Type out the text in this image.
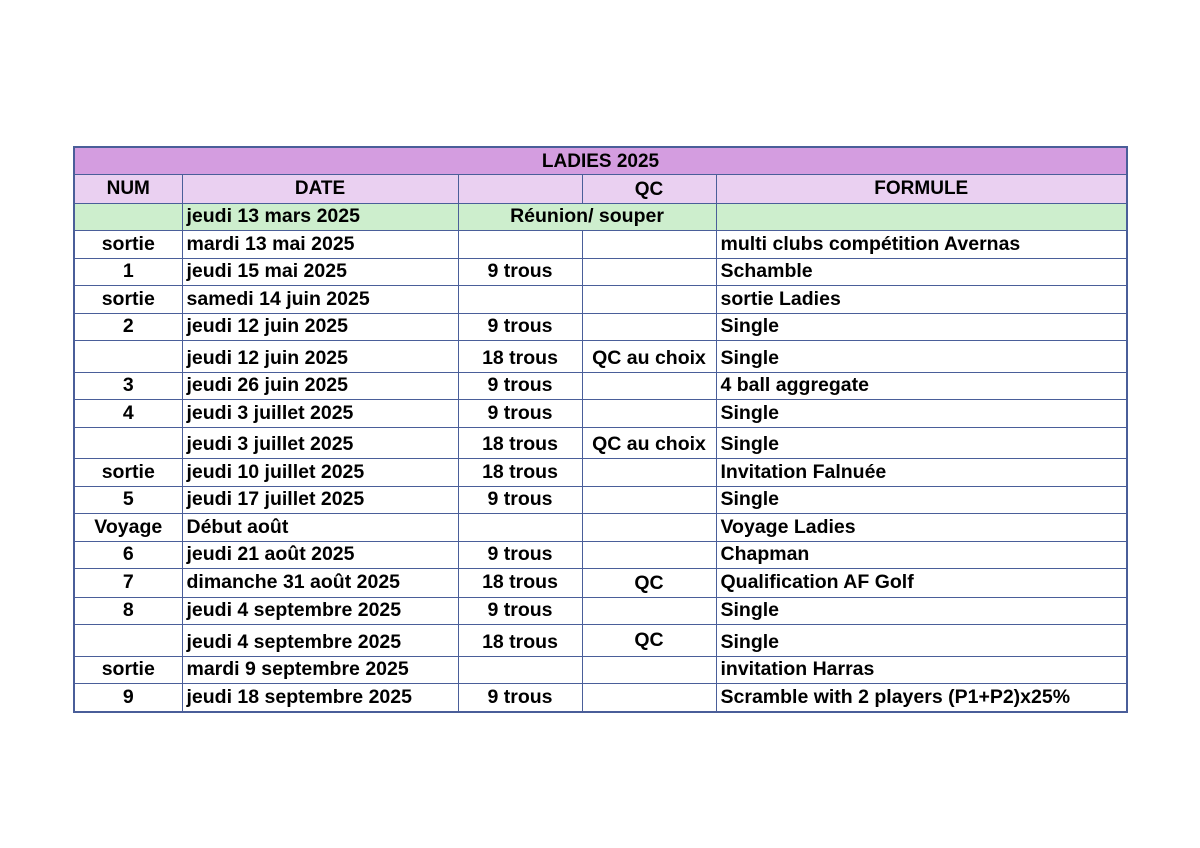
LADIES 2025				
NUM	DATE		QC	FORMULE
	jeudi 13 mars 2025	Réunion/ souper		
sortie	mardi 13 mai 2025			multi clubs compétition Avernas
1	jeudi 15 mai 2025	9 trous		Schamble
sortie	samedi 14 juin 2025			sortie Ladies
2	jeudi 12 juin 2025	9 trous		Single
	jeudi 12 juin 2025	18 trous	QC au choix	Single
3	jeudi 26 juin 2025	9 trous		4 ball aggregate
4	jeudi 3 juillet 2025	9 trous		Single
	jeudi 3 juillet 2025	18 trous	QC au choix	Single
sortie	jeudi 10 juillet 2025	18 trous		Invitation Falnuée
5	jeudi 17 juillet 2025	9 trous		Single
Voyage	Début août			Voyage Ladies
6	jeudi 21 août 2025	9 trous		Chapman
7	dimanche 31 août 2025	18 trous	QC	Qualification AF Golf
8	jeudi 4 septembre 2025	9 trous		Single
	jeudi 4 septembre 2025	18 trous	QC	Single
sortie	mardi 9 septembre 2025			invitation Harras
9	jeudi 18 septembre 2025	9 trous		Scramble with 2 players (P1+P2)x25%
